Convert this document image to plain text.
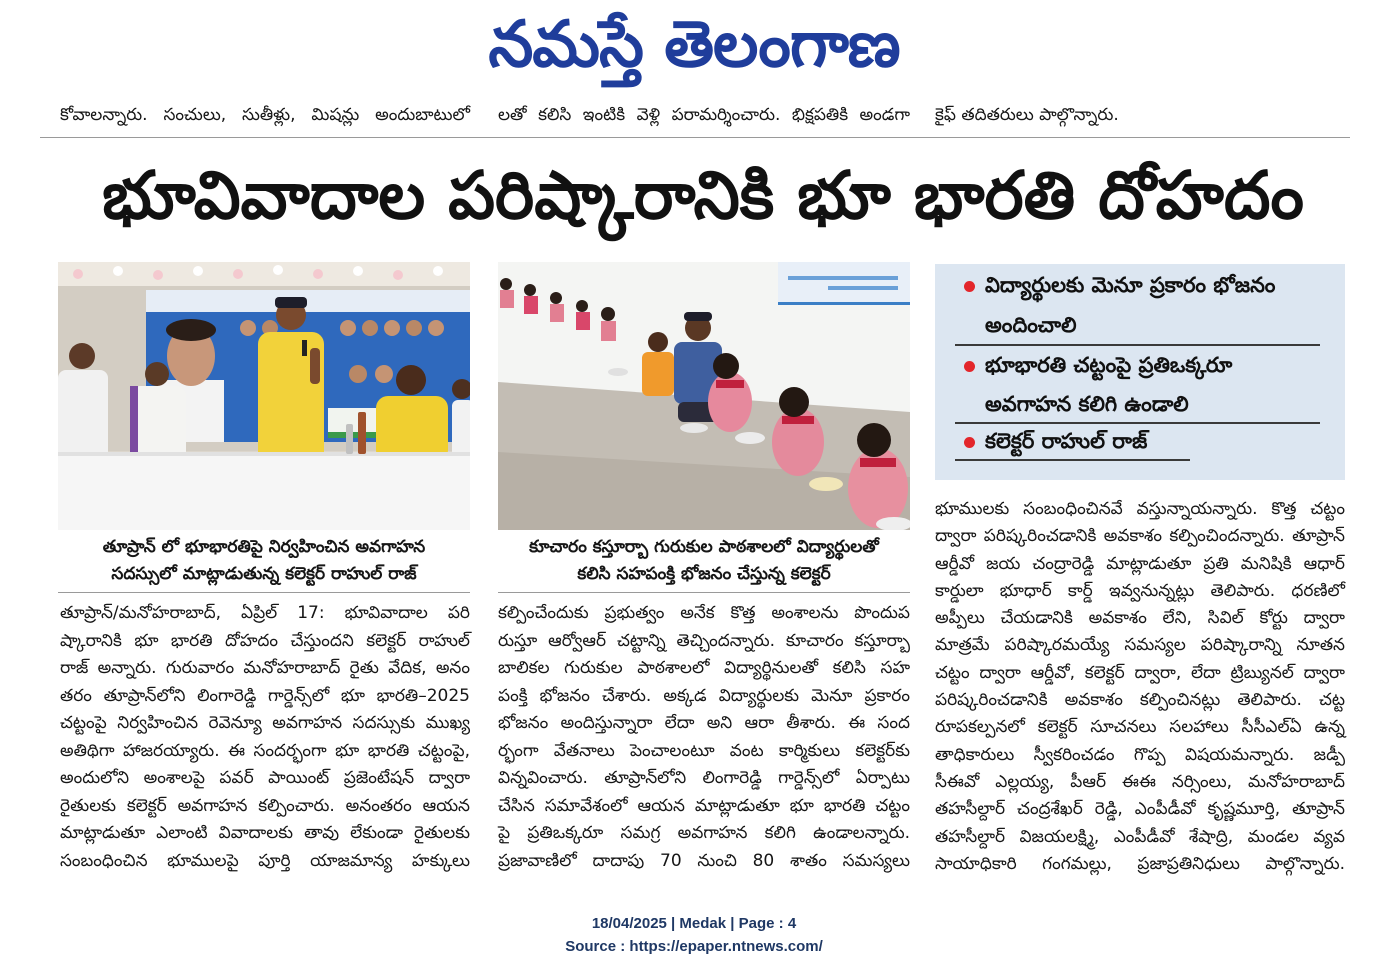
నమస్తే తెలంగాణ
కోవాలన్నారు. సంచులు, సుతీళ్లు, మిషన్లు అందుబాటులో లతో కలిసి ఇంటికి వెళ్లి పరామర్శించారు. భిక్షపతికి అండగా కైఫ్ తదితరులు పాల్గొన్నారు.
భూవివాదాల పరిష్కారానికి భూ భారతి దోహదం
తూప్రాన్ లో భూభారతిపై నిర్వహించిన అవగాహన
సదస్సులో మాట్లాడుతున్న కలెక్టర్ రాహుల్ రాజ్
కూచారం కస్తూర్బా గురుకుల పాఠశాలలో విద్యార్థులతో
కలిసి సహపంక్తి భోజనం చేస్తున్న కలెక్టర్
విద్యార్థులకు మెనూ ప్రకారం భోజనం
అందించాలి
భూభారతి చట్టంపై ప్రతిఒక్కరూ
అవగాహన కలిగి ఉండాలి
కలెక్టర్ రాహుల్ రాజ్
తూప్రాన్/మనోహరాబాద్, ఏప్రిల్ 17: భూవివాదాల పరి
ష్కారానికి భూ భారతి దోహదం చేస్తుందని కలెక్టర్ రాహుల్
రాజ్ అన్నారు. గురువారం మనోహరాబాద్ రైతు వేదిక, అనం
తరం తూప్రాన్‌లోని లింగారెడ్డి గార్డెన్స్‌లో భూ భారతి–2025
చట్టంపై నిర్వహించిన రెవెన్యూ అవగాహన సదస్సుకు ముఖ్య
అతిథిగా హాజరయ్యారు. ఈ సందర్భంగా భూ భారతి చట్టంపై,
అందులోని అంశాలపై పవర్ పాయింట్ ప్రజెంటేషన్ ద్వారా
రైతులకు కలెక్టర్ అవగాహన కల్పించారు. అనంతరం ఆయన
మాట్లాడుతూ ఎలాంటి వివాదాలకు తావు లేకుండా రైతులకు
సంబంధించిన భూములపై పూర్తి యాజమాన్య హక్కులు
కల్పించేందుకు ప్రభుత్వం అనేక కొత్త అంశాలను పొందుప
రుస్తూ ఆర్వోఆర్ చట్టాన్ని తెచ్చిందన్నారు. కూచారం కస్తూర్బా
బాలికల గురుకుల పాఠశాలలో విద్యార్థినులతో కలిసి సహ
పంక్తి భోజనం చేశారు. అక్కడ విద్యార్థులకు మెనూ ప్రకారం
భోజనం అందిస్తున్నారా లేదా అని ఆరా తీశారు. ఈ సంద
ర్భంగా వేతనాలు పెంచాలంటూ వంట కార్మికులు కలెక్టర్‌కు
విన్నవించారు. తూప్రాన్‌లోని లింగారెడ్డి గార్డెన్స్‌లో ఏర్పాటు
చేసిన సమావేశంలో ఆయన మాట్లాడుతూ భూ భారతి చట్టం
పై ప్రతిఒక్కరూ సమగ్ర అవగాహన కలిగి ఉండాలన్నారు.
ప్రజావాణిలో దాదాపు 70 నుంచి 80 శాతం సమస్యలు
భూములకు సంబంధించినవే వస్తున్నాయన్నారు. కొత్త చట్టం
ద్వారా పరిష్కరించడానికి అవకాశం కల్పించిందన్నారు. తూప్రాన్
ఆర్డీవో జయ చంద్రారెడ్డి మాట్లాడుతూ ప్రతి మనిషికి ఆధార్
కార్డులా భూధార్ కార్డ్ ఇవ్వనున్నట్లు తెలిపారు. ధరణిలో
అప్పీలు చేయడానికి అవకాశం లేని, సివిల్ కోర్టు ద్వారా
మాత్రమే పరిష్కారమయ్యే సమస్యల పరిష్కారాన్ని నూతన
చట్టం ద్వారా ఆర్డీవో, కలెక్టర్ ద్వారా, లేదా ట్రిబ్యునల్ ద్వారా
పరిష్కరించడానికి అవకాశం కల్పించినట్లు తెలిపారు. చట్ట
రూపకల్పనలో కలెక్టర్ సూచనలు సలహాలు సీసీఎల్ఏ ఉన్న
తాధికారులు స్వీకరించడం గొప్ప విషయమన్నారు. జడ్పీ
సీఈవో ఎల్లయ్య, పీఆర్ ఈఈ నర్సింలు, మనోహరాబాద్
తహసీల్దార్ చంద్రశేఖర్ రెడ్డి, ఎంపీడీవో కృష్ణమూర్తి, తూప్రాన్
తహసీల్దార్ విజయలక్ష్మి, ఎంపీడీవో శేషాద్రి, మండల వ్యవ
సాయాధికారి గంగమల్లు, ప్రజాప్రతినిధులు పాల్గొన్నారు.
18/04/2025 | Medak | Page : 4
Source : https://epaper.ntnews.com/
